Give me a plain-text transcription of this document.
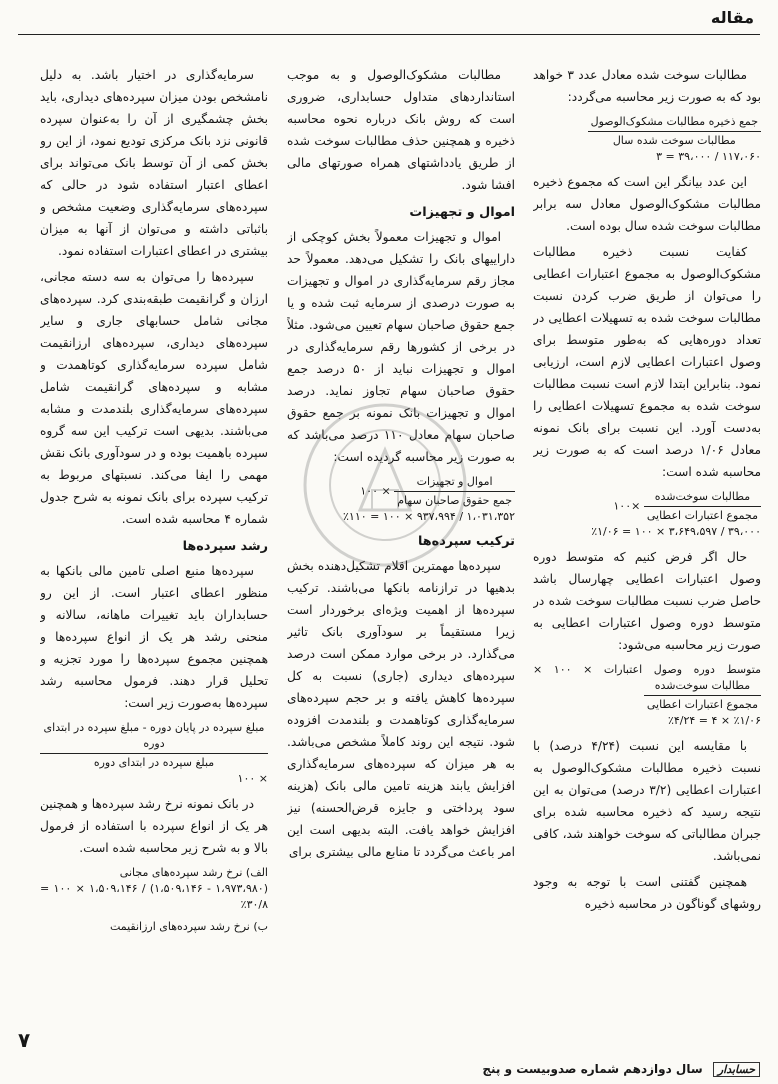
مقاله

مطالبات سوخت شده معادل عدد ۳ خواهد بود که به صورت زیر محاسبه می‌گردد:

$\frac{\text{جمع ذخیره مطالبات مشکوک‌الوصول}}{\text{مطالبات سوخت شده سال}}$
۱۱۷،۰۶۰ / ۳۹،۰۰۰ = ۳

این عدد بیانگر این است که مجموع ذخیره مطالبات مشکوک‌الوصول معادل سه برابر مطالبات سوخت شده سال بوده است.

کفایت نسبت ذخیره مطالبات مشکوک‌الوصول به مجموع اعتبارات اعطایی را می‌توان از طریق ضرب کردن نسبت مطالبات سوخت شده به تسهیلات اعطایی در تعداد دوره‌هایی که به‌طور متوسط برای وصول اعتبارات اعطایی لازم است، ارزیابی نمود. بنابراین ابتدا لازم است نسبت مطالبات سوخت شده به مجموع تسهیلات اعطایی را به‌دست آورد. این نسبت برای بانک نمونه معادل ۱/۰۶ درصد است که به صورت زیر محاسبه شده است:

$\frac{\text{مطالبات سوخت‌شده}}{\text{مجموع اعتبارات اعطایی}}$
×۱۰۰
۳۹،۰۰۰ / ۳،۶۴۹،۵۹۷ × ۱۰۰ = ٪۱/۰۶

حال اگر فرض کنیم که متوسط دوره وصول اعتبارات اعطایی چهارسال باشد حاصل ضرب نسبت مطالبات سوخت شده در متوسط دوره وصول اعتبارات اعطایی به صورت زیر محاسبه می‌شود:

متوسط دوره وصول اعتبارات × ۱۰۰ ×
$\frac{\text{مطالبات سوخت‌شده}}{\text{مجموع اعتبارات اعطایی}}$
٪۱/۰۶ × ۴ = ٪۴/۲۴

با مقایسه این نسبت (۴/۲۴ درصد) با نسبت ذخیره مطالبات مشکوک‌الوصول به اعتبارات اعطایی (۳/۲ درصد) می‌توان به این نتیجه رسید که ذخیره محاسبه شده برای جبران مطالباتی که سوخت خواهند شد، کافی نمی‌باشد.

همچنین گفتنی است با توجه به وجود روشهای گوناگون در محاسبه ذخیره

مطالبات مشکوک‌الوصول و به موجب استانداردهای متداول حسابداری، ضروری است که روش بانک درباره نحوه محاسبه ذخیره و همچنین حذف مطالبات سوخت شده از طریق یادداشتهای همراه صورتهای مالی افشا شود.

اموال و تجهیزات

اموال و تجهیزات معمولاً بخش کوچکی از داراییهای بانک را تشکیل می‌دهد. معمولاً حد مجاز رقم سرمایه‌گذاری در اموال و تجهیزات به صورت درصدی از سرمایه ثبت شده و یا جمع حقوق صاحبان سهام تعیین می‌شود. مثلاً در برخی از کشورها رقم سرمایه‌گذاری در اموال و تجهیزات نباید از ۵۰ درصد جمع حقوق صاحبان سهام تجاوز نماید. درصد اموال و تجهیزات بانک نمونه بر جمع حقوق صاحبان سهام معادل ۱۱۰ درصد می‌باشد که به صورت زیر محاسبه گردیده است:

$\frac{\text{اموال و تجهیزات}}{\text{جمع حقوق صاحبان سهام}}$
× ۱۰۰
۱،۰۳۱،۳۵۲ / ۹۳۷،۹۹۴ × ۱۰۰ = ٪۱۱۰
ترکیب سپرده‌ها

سپرده‌ها مهمترین اقلام تشکیل‌دهنده بخش بدهیها در ترازنامه بانکها می‌باشند. ترکیب سپرده‌ها از اهمیت ویژه‌ای برخوردار است زیرا مستقیماً بر سودآوری بانک تاثیر می‌گذارد. در برخی موارد ممکن است درصد سپرده‌های دیداری (جاری) نسبت به کل سپرده‌ها کاهش یافته و بر حجم سپرده‌های سرمایه‌گذاری کوتاهمدت و بلندمدت افزوده شود. نتیجه این روند کاملاً مشخص می‌باشد. به هر میزان که سپرده‌های سرمایه‌گذاری افزایش یابند هزینه تامین مالی بانک (هزینه سود پرداختی و جایزه قرض‌الحسنه) نیز افزایش خواهد یافت. البته بدیهی است این امر باعث می‌گردد تا منابع مالی بیشتری برای

سرمایه‌گذاری در اختیار باشد. به دلیل نامشخص بودن میزان سپرده‌های دیداری، باید بخش چشمگیری از آن را به‌عنوان سپرده قانونی نزد بانک مرکزی تودیع نمود، از این رو بخش کمی از آن توسط بانک می‌تواند برای اعطای اعتبار استفاده شود در حالی که سپرده‌های سرمایه‌گذاری وضعیت مشخص و باثباتی داشته و می‌توان از آنها به میزان بیشتری در اعطای اعتبارات استفاده نمود.

سپرده‌ها را می‌توان به سه دسته مجانی، ارزان و گرانقیمت طبقه‌بندی کرد. سپرده‌های مجانی شامل حسابهای جاری و سایر سپرده‌های دیداری، سپرده‌های ارزانقیمت شامل سپرده سرمایه‌گذاری کوتاهمدت و مشابه و سپرده‌های گرانقیمت شامل سپرده‌های سرمایه‌گذاری بلندمدت و مشابه می‌باشند. بدیهی است ترکیب این سه گروه سپرده باهمیت بوده و در سودآوری بانک نقش مهمی را ایفا می‌کند. نسبتهای مربوط به ترکیب سپرده برای بانک نمونه به شرح جدول شماره ۴ محاسبه شده است.

رشد سپرده‌ها

سپرده‌ها منبع اصلی تامین مالی بانکها به منظور اعطای اعتبار است. از این رو حسابداران باید تغییرات ماهانه، سالانه و منحنی رشد هر یک از انواع سپرده‌ها و همچنین مجموع سپرده‌ها را مورد تجزیه و تحلیل قرار دهند. فرمول محاسبه رشد سپرده‌ها به‌صورت زیر است:

$\frac{\text{مبلغ سپرده در پایان دوره - مبلغ سپرده در ابتدای دوره}}{\text{مبلغ سپرده در ابتدای دوره}}$
× ۱۰۰

در بانک نمونه نرخ رشد سپرده‌ها و همچنین هر یک از انواع سپرده با استفاده از فرمول بالا و به شرح زیر محاسبه شده است.

الف) نرخ رشد سپرده‌های مجانی
(۱،۹۷۳،۹۸۰ - ۱،۵۰۹،۱۴۶) / ۱،۵۰۹،۱۴۶ × ۱۰۰ = ٪۳۰/۸
ب) نرخ رشد سپرده‌های ارزانقیمت
۷
حسابدار سال دوازدهم شماره صدوبیست و پنج
